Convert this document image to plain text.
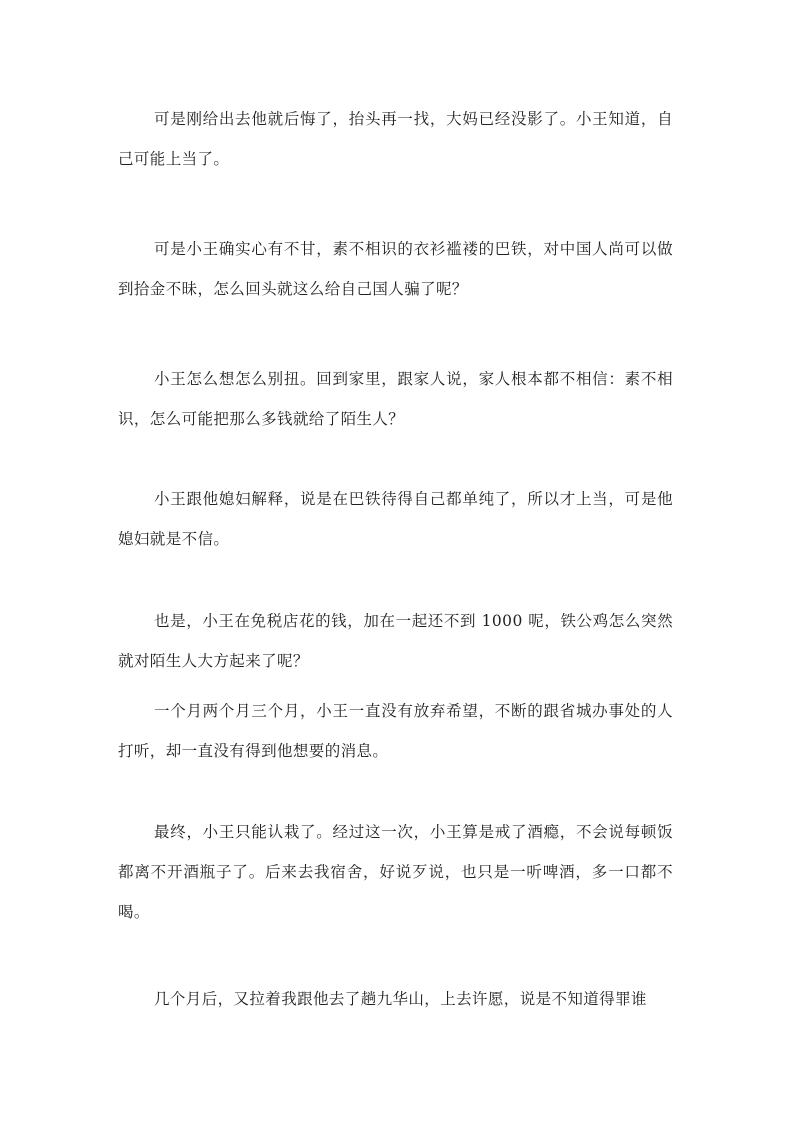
可是刚给出去他就后悔了，抬头再一找，大妈已经没影了。小王知道，自己可能上当了。

可是小王确实心有不甘，素不相识的衣衫褴褛的巴铁，对中国人尚可以做到拾金不昧，怎么回头就这么给自己国人骗了呢？

小王怎么想怎么别扭。回到家里，跟家人说，家人根本都不相信：素不相识，怎么可能把那么多钱就给了陌生人？

小王跟他媳妇解释，说是在巴铁待得自己都单纯了，所以才上当，可是他媳妇就是不信。

也是，小王在免税店花的钱，加在一起还不到 1000 呢，铁公鸡怎么突然就对陌生人大方起来了呢？

一个月两个月三个月，小王一直没有放弃希望，不断的跟省城办事处的人打听，却一直没有得到他想要的消息。

最终，小王只能认栽了。经过这一次，小王算是戒了酒瘾，不会说每顿饭都离不开酒瓶子了。后来去我宿舍，好说歹说，也只是一听啤酒，多一口都不喝。

几个月后，又拉着我跟他去了趟九华山，上去许愿，说是不知道得罪谁
